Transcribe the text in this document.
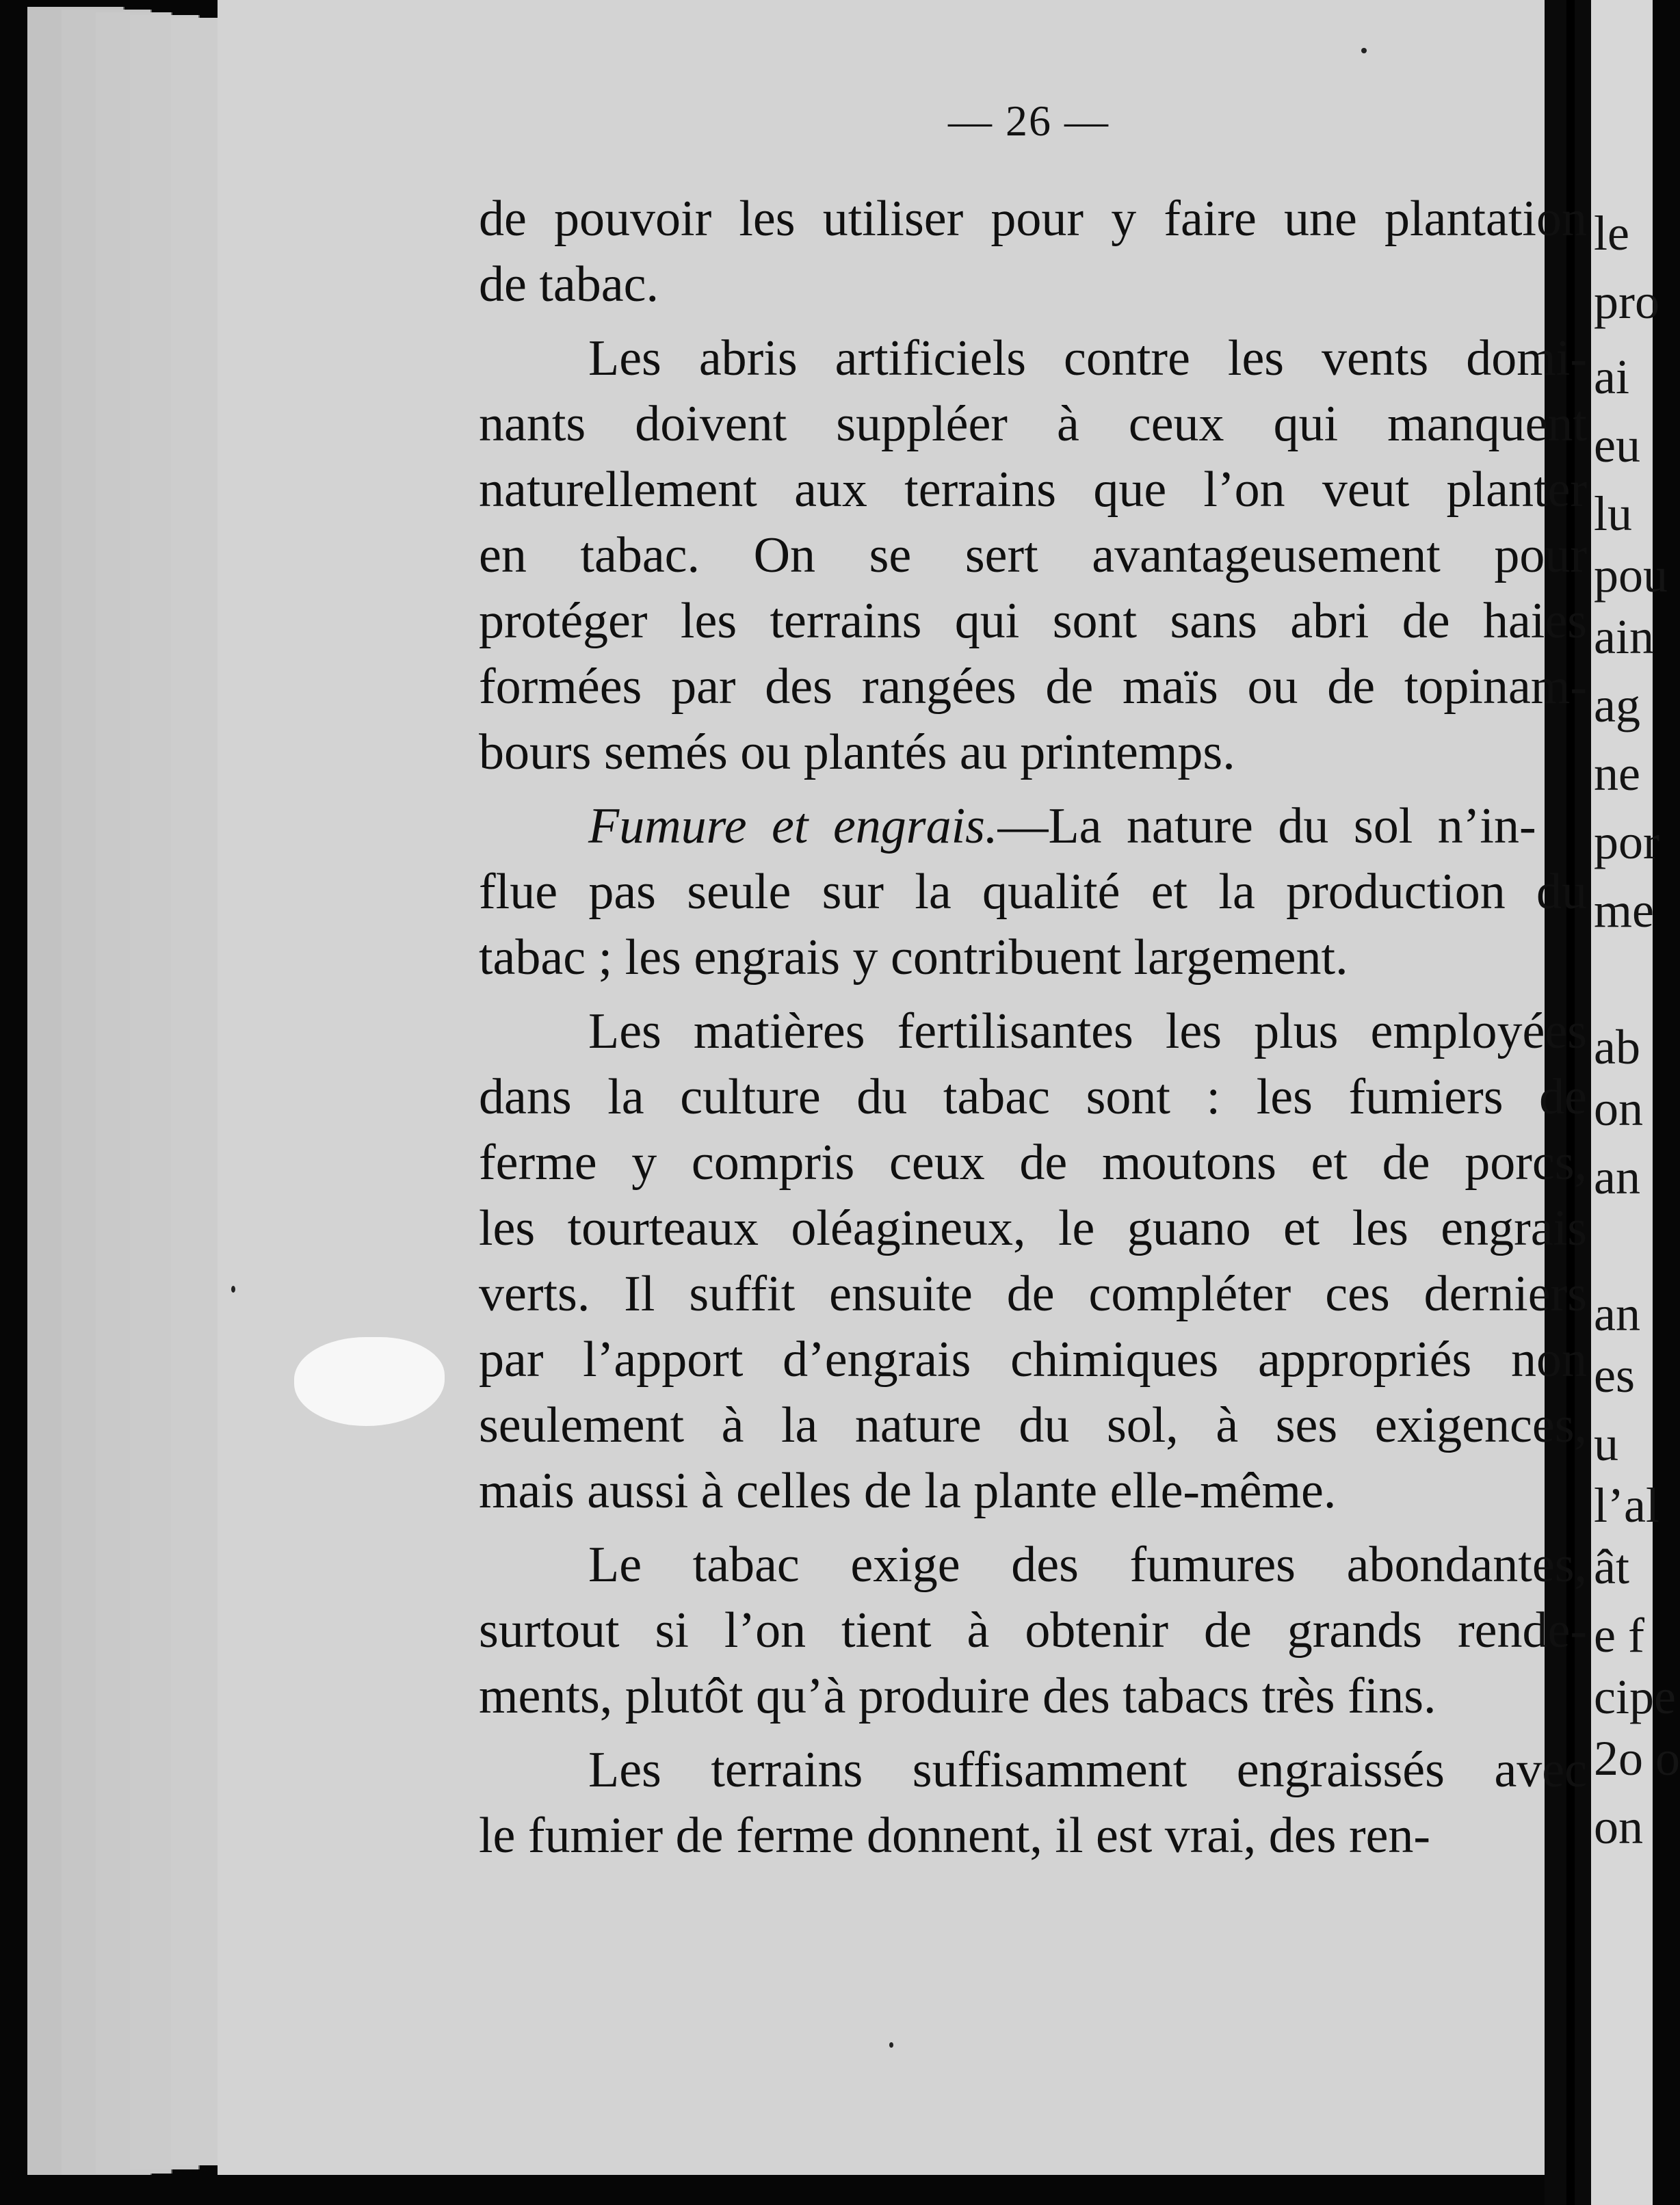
le
pro
ai
eu
lu
pou
ain
ag
ne
por
me
ab
on
an
an
es
u
l’al
ât
e f
cipe
2o o
on
— 26 —
de pouvoir les utiliser pour y faire une plantation
de tabac.
Les abris artificiels contre les vents domi-
nants doivent suppléer à ceux qui manquent
naturellement aux terrains que l’on veut planter
en tabac. On se sert avantageusement pour
protéger les terrains qui sont sans abri de haies
formées par des rangées de maïs ou de topinam-
bours semés ou plantés au printemps.
Fumure et engrais.—La nature du sol n’in-
flue pas seule sur la qualité et la production du
tabac ; les engrais y contribuent largement.
Les matières fertilisantes les plus employées
dans la culture du tabac sont : les fumiers de
ferme y compris ceux de moutons et de porcs,
les tourteaux oléagineux, le guano et les engrais
verts. Il suffit ensuite de compléter ces derniers
par l’apport d’engrais chimiques appropriés non
seulement à la nature du sol, à ses exigences,
mais aussi à celles de la plante elle-même.
Le tabac exige des fumures abondantes,
surtout si l’on tient à obtenir de grands rende-
ments, plutôt qu’à produire des tabacs très fins.
Les terrains suffisamment engraissés avec
le fumier de ferme donnent, il est vrai, des ren-
